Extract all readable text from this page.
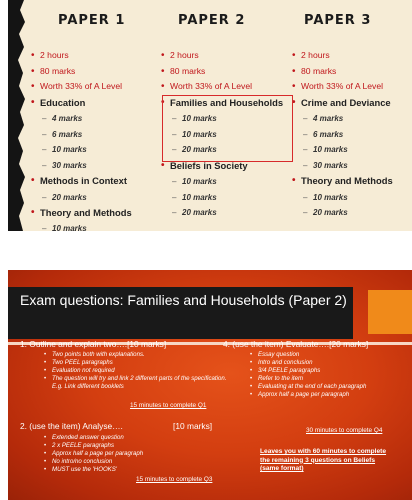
PAPER 1	PAPER 2	PAPER 3
• 2 hours
• 80 marks
• Worth 33% of A Level
• Education
– 4 marks
– 6 marks
– 10 marks
– 30 marks
• Methods in Context
– 20 marks
• Theory and Methods
– 10 marks
• 2 hours
• 80 marks
• Worth 33% of A Level
• Families and Households
– 10 marks
– 10 marks
– 20 marks
• Beliefs in Society
– 10 marks
– 10 marks
– 20 marks
• 2 hours
• 80 marks
• Worth 33% of A Level
• Crime and Deviance
– 4 marks
– 6 marks
– 10 marks
– 30 marks
• Theory and Methods
– 10 marks
– 20 marks
Exam questions: Families and Households (Paper 2)
1. Outline and explain two….[10 marks]
• Two points both with explanations.
• Two PEEL paragraphs
• Evaluation not required
• The question will try and link 2 different parts of the specification. E.g. Link different booklets
15 minutes to complete Q1
4. (use the item) Evaluate….[20 marks]
• Essay question
• Intro and conclusion
• 3/4 PEELE paragraphs
• Refer to the item
• Evaluating at the end of each paragraph
• Approx half a page per paragraph
30 minutes to complete Q4
2. (use the item) Analyse….	[10 marks]
• Extended answer question
• 2 x PEELE paragraphs
• Approx half a page per paragraph
• No intro/no conclusion
• MUST use the 'HOOKS'
15 minutes to complete Q3
Leaves you with 60 minutes to complete the remaining 3 questions on Beliefs (same format)
